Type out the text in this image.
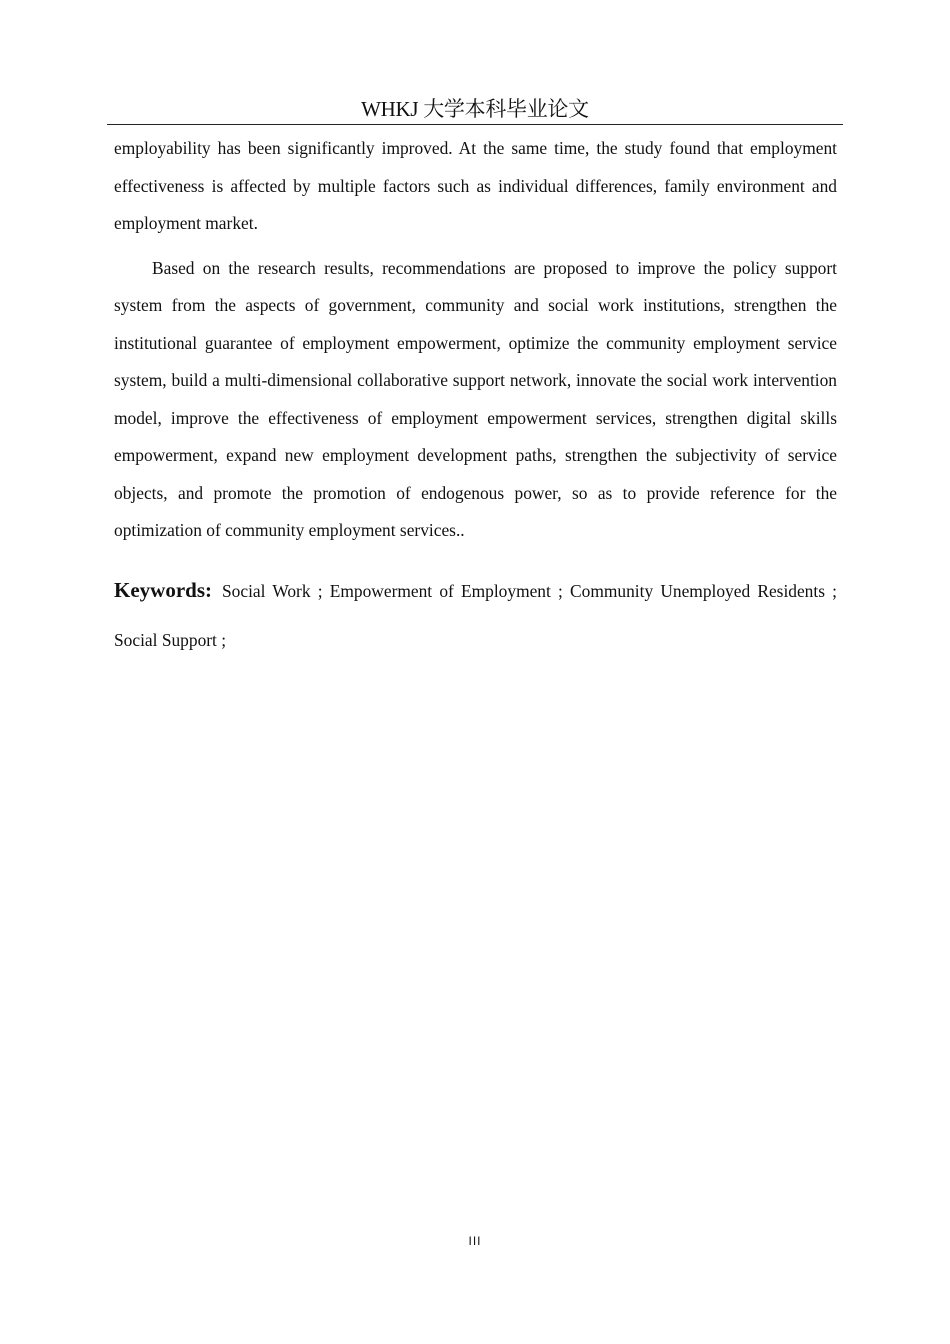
WHKJ 大学本科毕业论文

employability has been significantly improved. At the same time, the study found that employment effectiveness is affected by multiple factors such as individual differences, family environment and employment market.

Based on the research results, recommendations are proposed to improve the policy support system from the aspects of government, community and social work institutions, strengthen the institutional guarantee of employment empowerment, optimize the community employment service system, build a multi-dimensional collaborative support network, innovate the social work intervention model, improve the effectiveness of employment empowerment services, strengthen digital skills empowerment, expand new employment development paths, strengthen the subjectivity of service objects, and promote the promotion of endogenous power, so as to provide reference for the optimization of community employment services..

Keywords: Social Work ; Empowerment of Employment ; Community Unemployed Residents ; Social Support ;

III
